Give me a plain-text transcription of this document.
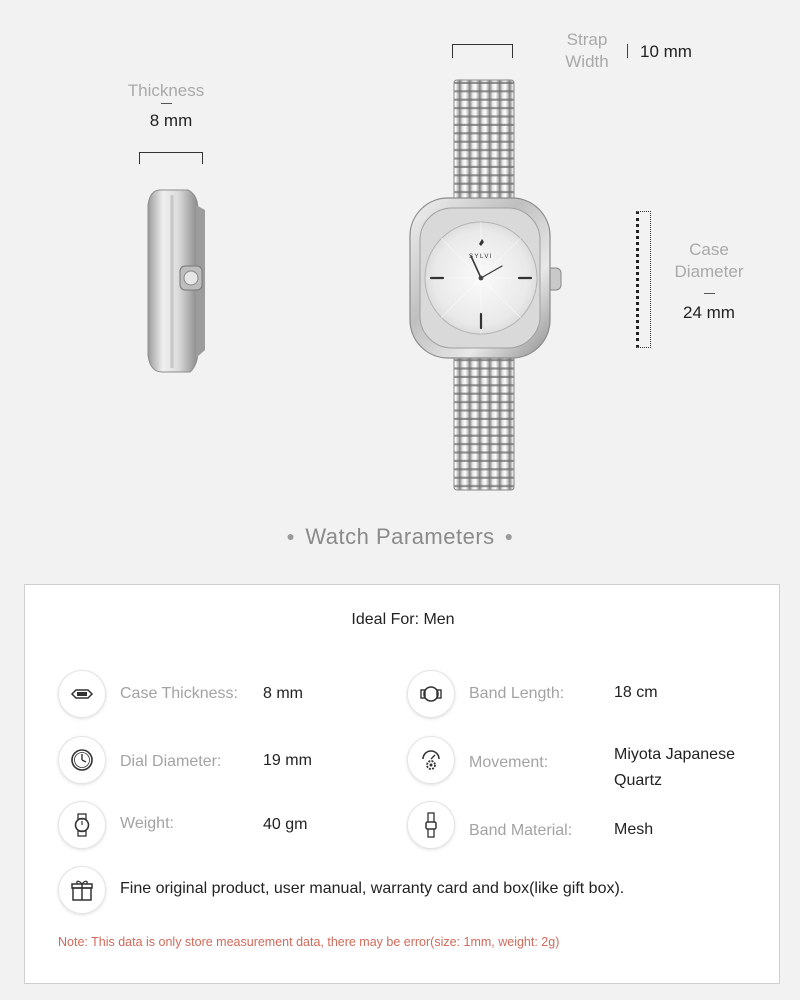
SYLVI
Thickness
8 mm
Strap
Width
10 mm
Case
Diameter
24 mm
● Watch Parameters ●
Ideal For: Men
Case Thickness: 8 mm	Band Length:	18 cm
Dial Diameter:	19 mm	Movement:	Miyota Japanese
Quartz
Weight:	40 gm	Band Material:	Mesh
Fine original product, user manual, warranty card and box(like gift box).
Note: This data is only store measurement data, there may be error(size: 1mm, weight: 2g)
